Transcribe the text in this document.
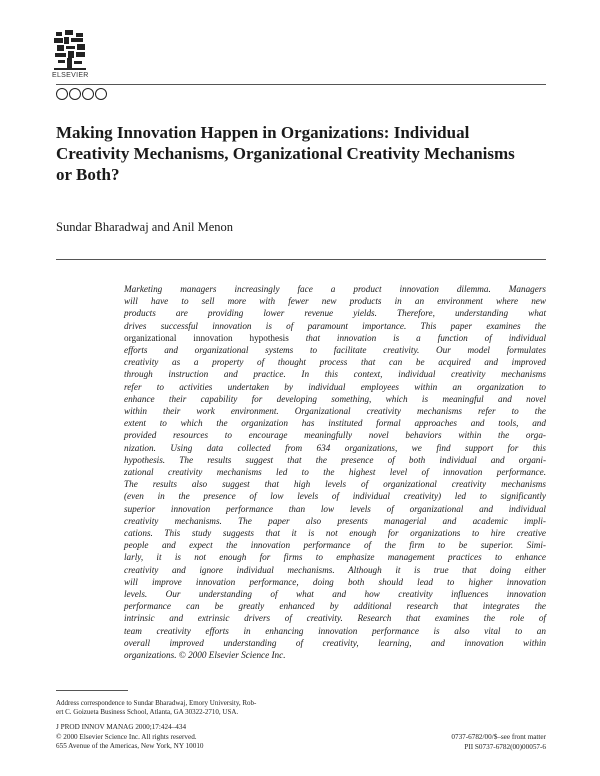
ELSEVIER
Making Innovation Happen in Organizations: Individual
Creativity Mechanisms, Organizational Creativity Mechanisms
or Both?
Sundar Bharadwaj and Anil Menon
Marketing managers increasingly face a product innovation dilemma. Managers
will have to sell more with fewer new products in an environment where new
products are providing lower revenue yields. Therefore, understanding what
drives successful innovation is of paramount importance. This paper examines the
organizational innovation hypothesis that innovation is a function of individual
efforts and organizational systems to facilitate creativity. Our model formulates
creativity as a property of thought process that can be acquired and improved
through instruction and practice. In this context, individual creativity mechanisms
refer to activities undertaken by individual employees within an organization to
enhance their capability for developing something, which is meaningful and novel
within their work environment. Organizational creativity mechanisms refer to the
extent to which the organization has instituted formal approaches and tools, and
provided resources to encourage meaningfully novel behaviors within the orga-
nization. Using data collected from 634 organizations, we find support for this
hypothesis. The results suggest that the presence of both individual and organi-
zational creativity mechanisms led to the highest level of innovation performance.
The results also suggest that high levels of organizational creativity mechanisms
(even in the presence of low levels of individual creativity) led to significantly
superior innovation performance than low levels of organizational and individual
creativity mechanisms. The paper also presents managerial and academic impli-
cations. This study suggests that it is not enough for organizations to hire creative
people and expect the innovation performance of the firm to be superior. Simi-
larly, it is not enough for firms to emphasize management practices to enhance
creativity and ignore individual mechanisms. Although it is true that doing either
will improve innovation performance, doing both should lead to higher innovation
levels. Our understanding of what and how creativity influences innovation
performance can be greatly enhanced by additional research that integrates the
intrinsic and extrinsic drivers of creativity. Research that examines the role of
team creativity efforts in enhancing innovation performance is also vital to an
overall improved understanding of creativity, learning, and innovation within
organizations. © 2000 Elsevier Science Inc.
Address correspondence to Sundar Bharadwaj, Emory University, Rob-
ert C. Goizueta Business School, Atlanta, GA 30322-2710, USA.
J PROD INNOV MANAG 2000;17:424–434
© 2000 Elsevier Science Inc. All rights reserved.
655 Avenue of the Americas, New York, NY 10010
0737-6782/00/$–see front matter
PII S0737-6782(00)00057-6
